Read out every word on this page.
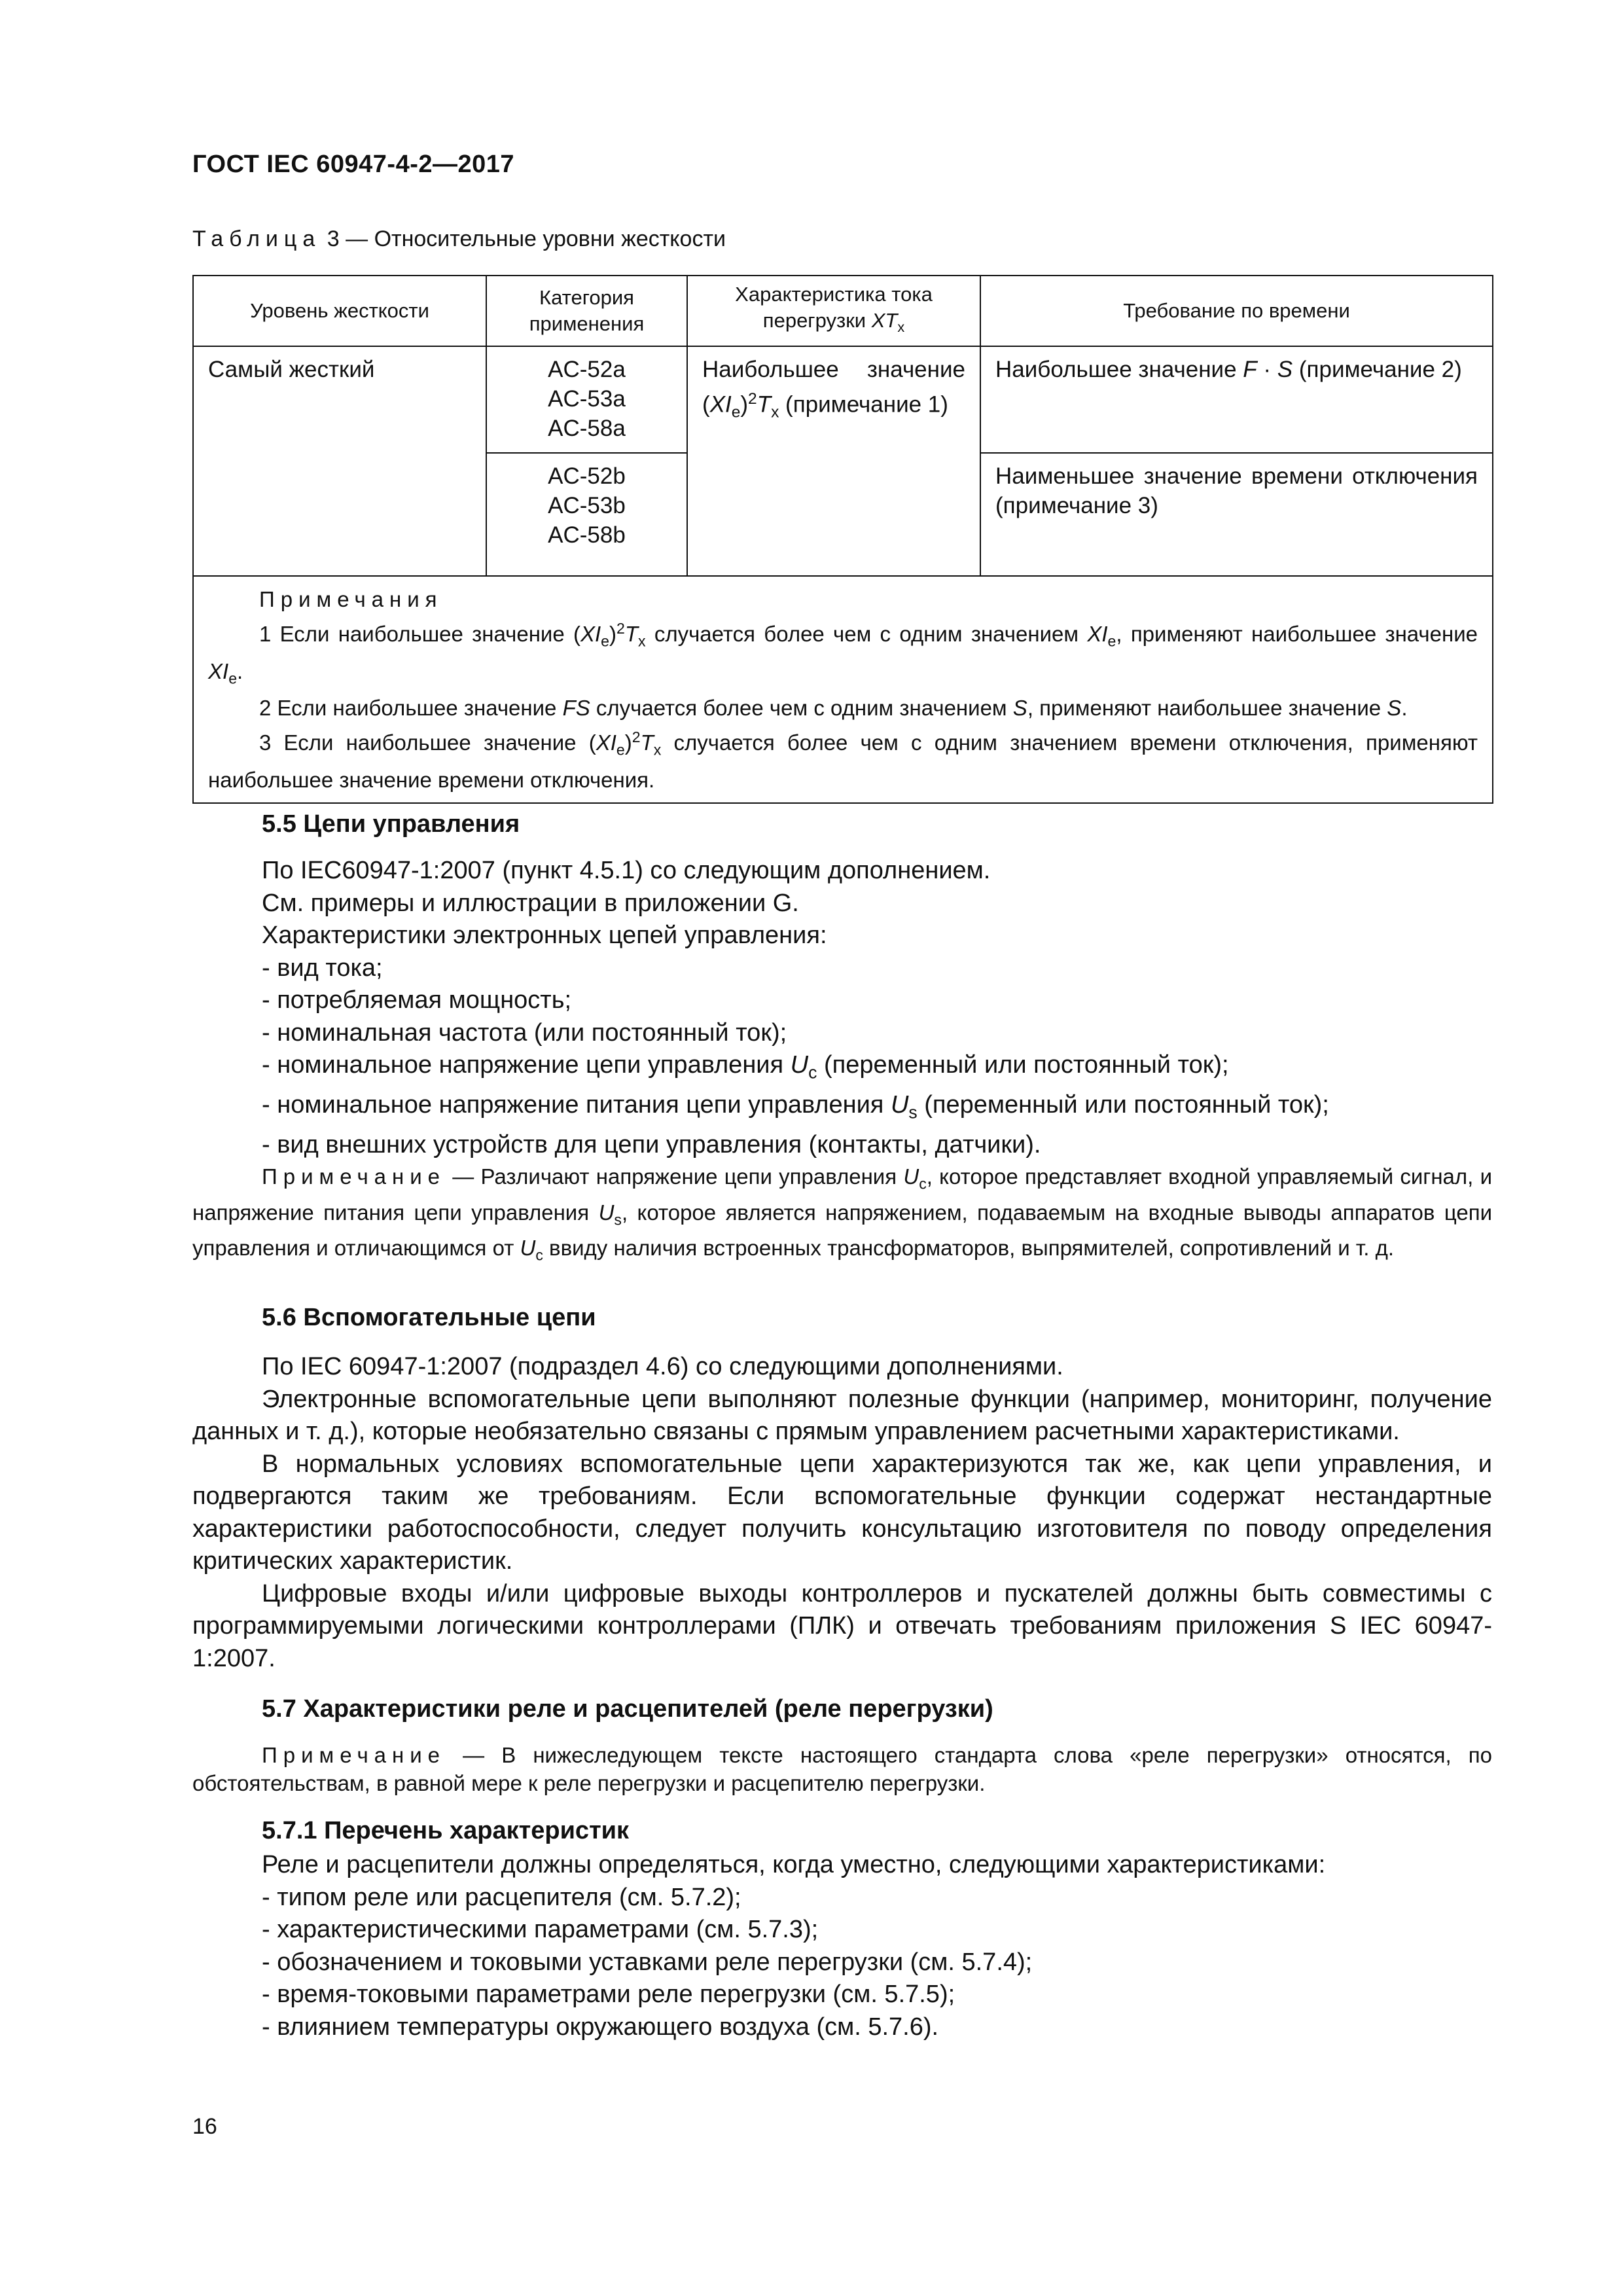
ГОСТ IEC 60947-4-2—2017
Таблица 3 — Относительные уровни жесткости
Уровень жесткости	Категория применения	Характеристика тока перегрузки $XT_x$	Требование по времени
Самый жесткий	AC-52a
AC-53a
AC-58a	Наибольшее значение $(XI_e)^2T_x$ (примечание 1)	Наибольшее значение F · S (примечание 2)

	AC-52b
AC-53b
AC-58b		Наименьшее значение времени отключения (примечание 3)

Примечания

1 Если наибольшее значение $(XI_e)^2T_x$ случается более чем с одним значением $XI_e$, применяют наибольшее значение $XI_e$.

2 Если наибольшее значение FS случается более чем с одним значением S, применяют наибольшее значение S.

3 Если наибольшее значение $(XI_e)^2T_x$ случается более чем с одним значением времени отключения, применяют наибольшее значение времени отключения.			

5.5 Цепи управления

По IEC60947-1:2007 (пункт 4.5.1) со следующим дополнением.

См. примеры и иллюстрации в приложении G.

Характеристики электронных цепей управления:

- вид тока;

- потребляемая мощность;

- номинальная частота (или постоянный ток);

- номинальное напряжение цепи управления $U_c$ (переменный или постоянный ток);

- номинальное напряжение питания цепи управления $U_s$ (переменный или постоянный ток);

- вид внешних устройств для цепи управления (контакты, датчики).

Примечание — Различают напряжение цепи управления $U_c$, которое представляет входной управляемый сигнал, и напряжение питания цепи управления $U_s$, которое является напряжением, подаваемым на входные выводы аппаратов цепи управления и отличающимся от $U_c$ ввиду наличия встроенных трансформаторов, выпрямителей, сопротивлений и т. д.

5.6 Вспомогательные цепи

По IEC 60947-1:2007 (подраздел 4.6) со следующими дополнениями.

Электронные вспомогательные цепи выполняют полезные функции (например, мониторинг, получение данных и т. д.), которые необязательно связаны с прямым управлением расчетными характеристиками.

В нормальных условиях вспомогательные цепи характеризуются так же, как цепи управления, и подвергаются таким же требованиям. Если вспомогательные функции содержат нестандартные характеристики работоспособности, следует получить консультацию изготовителя по поводу определения критических характеристик.

Цифровые входы и/или цифровые выходы контроллеров и пускателей должны быть совместимы с программируемыми логическими контроллерами (ПЛК) и отвечать требованиям приложения S IEC 60947-1:2007.

5.7 Характеристики реле и расцепителей (реле перегрузки)

Примечание — В нижеследующем тексте настоящего стандарта слова «реле перегрузки» относятся, по обстоятельствам, в равной мере к реле перегрузки и расцепителю перегрузки.

5.7.1 Перечень характеристик

Реле и расцепители должны определяться, когда уместно, следующими характеристиками:

- типом реле или расцепителя (см. 5.7.2);

- характеристическими параметрами (см. 5.7.3);

- обозначением и токовыми уставками реле перегрузки (см. 5.7.4);

- время-токовыми параметрами реле перегрузки (см. 5.7.5);

- влиянием температуры окружающего воздуха (см. 5.7.6).

16
